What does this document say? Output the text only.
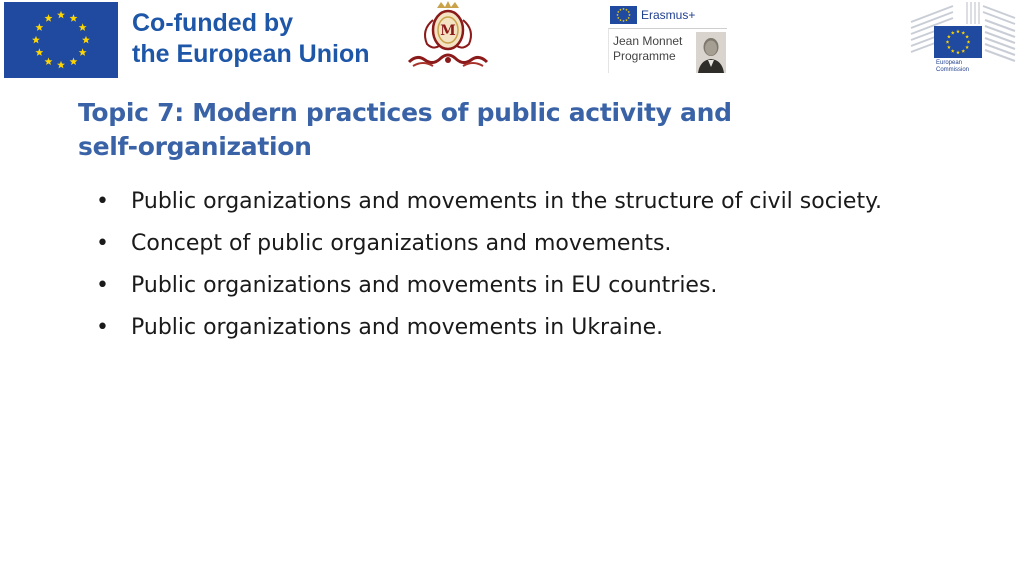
Co-funded by
the European Union
M
Erasmus+
Jean Monnet
Programme	European
Commission
Topic 7: Modern practices of public activity and self-organization
• Public organizations and movements in the structure of civil society.
• Concept of public organizations and movements.
• Public organizations and movements in EU countries.
• Public organizations and movements in Ukraine.
